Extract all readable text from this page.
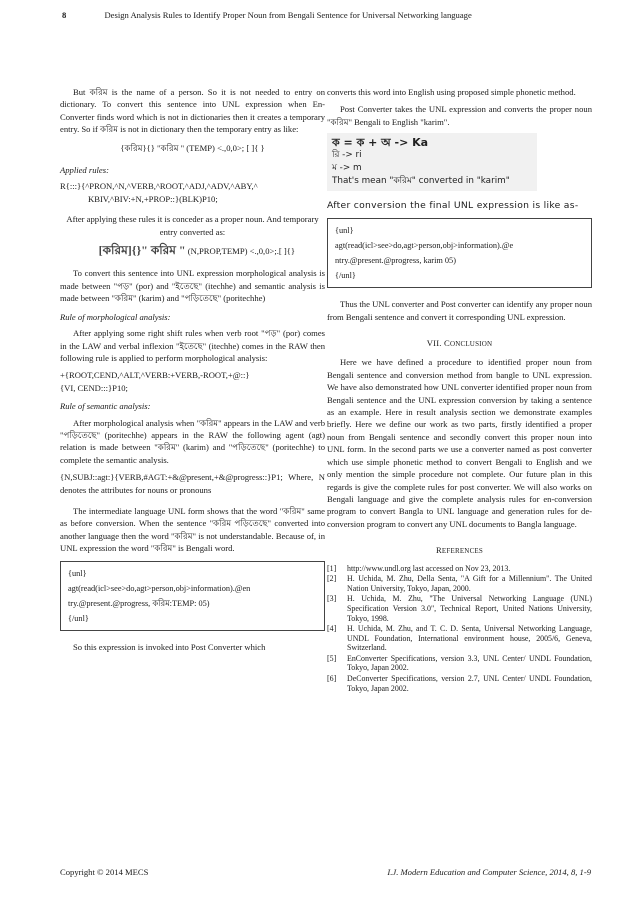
8	Design Analysis Rules to Identify Proper Noun from Bengali Sentence for Universal Networking language

But করিম is the name of a person. So it is not needed to entry on dictionary. To convert this sentence into UNL expression when En-Converter finds word which is not in dictionaries then it creates a temporary entry. So if করিম is not in dictionary then the temporary entry as like:

{করিম}{} "করিম " (TEMP) <.,0,0>; [ ]{ }

Applied rules:

R{:::}{^PRON,^N,^VERB,^ROOT,^ADJ,^ADV,^ABY,^
KBIV,^BIV:+N,+PROP::}(BLK)P10;

After applying these rules it is conceder as a proper noun. And temporary entry converted as:

[করিম]{}" করিম " (N,PROP,TEMP) <.,0,0>;.[ ]{}

To convert this sentence into UNL expression morphological analysis is made between "পড়" (por) and "ইতেছে" (itechhe) and semantic analysis is made between "করিম" (karim) and "পড়িতেছে" (poritechhe)

Rule of morphological analysis:

After applying some right shift rules when verb root "পড়" (por) comes in the LAW and verbal inflexion "ইতেছে" (itechhe) comes in the RAW then following rule is applied to perform morphological analysis:

+{ROOT,CEND,^ALT,^VERB:+VERB,-ROOT,+@::}
{VI, CEND:::}P10;

Rule of semantic analysis:

After morphological analysis when "করিম" appears in the LAW and verb "পড়িতেছে" (poritechhe) appears in the RAW the following agent (agt) relation is made between "করিম" (karim) and "পড়িতেছে" (poritechhe) to complete the semantic analysis.

{N,SUBJ::agt:}{VERB,#AGT:+&@present,+&@progress::}P1; Where, N denotes the attributes for nouns or pronouns

The intermediate language UNL form shows that the word "করিম" same as before conversion. When the sentence "করিম পড়িতেছে" converted into another language then the word "করিম" is not understandable. Because of, in UNL expression the word "করিম" is Bengali word.

{unl}
agt(read(icl>see>do,agt>person,obj>information).@en
try.@present.@progress, করিম:TEMP: 05)
{/unl}

So this expression is invoked into Post Converter which

converts this word into English using proposed simple phonetic method.

Post Converter takes the UNL expression and converts the proper noun "করিম" Bengali to English "karim".

ক = ক + অ -> Ka
রি -> ri
ম -> m
That's mean "করিম" converted in "karim"

After conversion the final UNL expression is like as-

{unl}
agt(read(icl>see>do,agt>person,obj>information).@e
ntry.@present.@progress, karim 05)
{/unl}

Thus the UNL converter and Post converter can identify any proper noun from Bengali sentence and convert it corresponding UNL expression.

VII. CONCLUSION

Here we have defined a procedure to identified proper noun from Bengali sentence and conversion method from bangle to UNL expression. We have also demonstrated how UNL converter identified proper noun from Bengali sentence and the UNL expression conversion by taking a sentence as an example. Here in result analysis section we demonstrate examples briefly. Here we define our work as two parts, firstly identified a proper noun from Bengali sentence and secondly convert this proper noun into UNL form. In the second parts we use a converter named as post converter which use simple phonetic method to convert Bengali to English and we only mention the simple procedure not complete. Our future plan in this regards is give the complete rules for post converter. We will also works on Bengali language and give the complete analysis rules for en-conversion program to convert Bangla to UNL language and generation rules for de-conversion program to convert any UNL documents to Bangla language.

REFERENCES
[1] http://www.undl.org last accessed on Nov 23, 2013.
[2] H. Uchida, M. Zhu, Della Senta, "A Gift for a Millennium". The United Nation University, Tokyo, Japan, 2000.
[3] H. Uchida, M. Zhu, "The Universal Networking Language (UNL) Specification Version 3.0", Technical Report, United Nations University, Tokyo, 1998.
[4] H. Uchida, M. Zhu, and T. C. D. Senta, Universal Networking Language, UNDL Foundation, International environment house, 2005/6, Geneva, Switzerland.
[5] EnConverter Specifications, version 3.3, UNL Center/ UNDL Foundation, Tokyo, Japan 2002.
[6] DeConverter Specifications, version 2.7, UNL Center/ UNDL Foundation, Tokyo, Japan 2002.
Copyright © 2014 MECS	I.J. Modern Education and Computer Science, 2014, 8, 1-9
